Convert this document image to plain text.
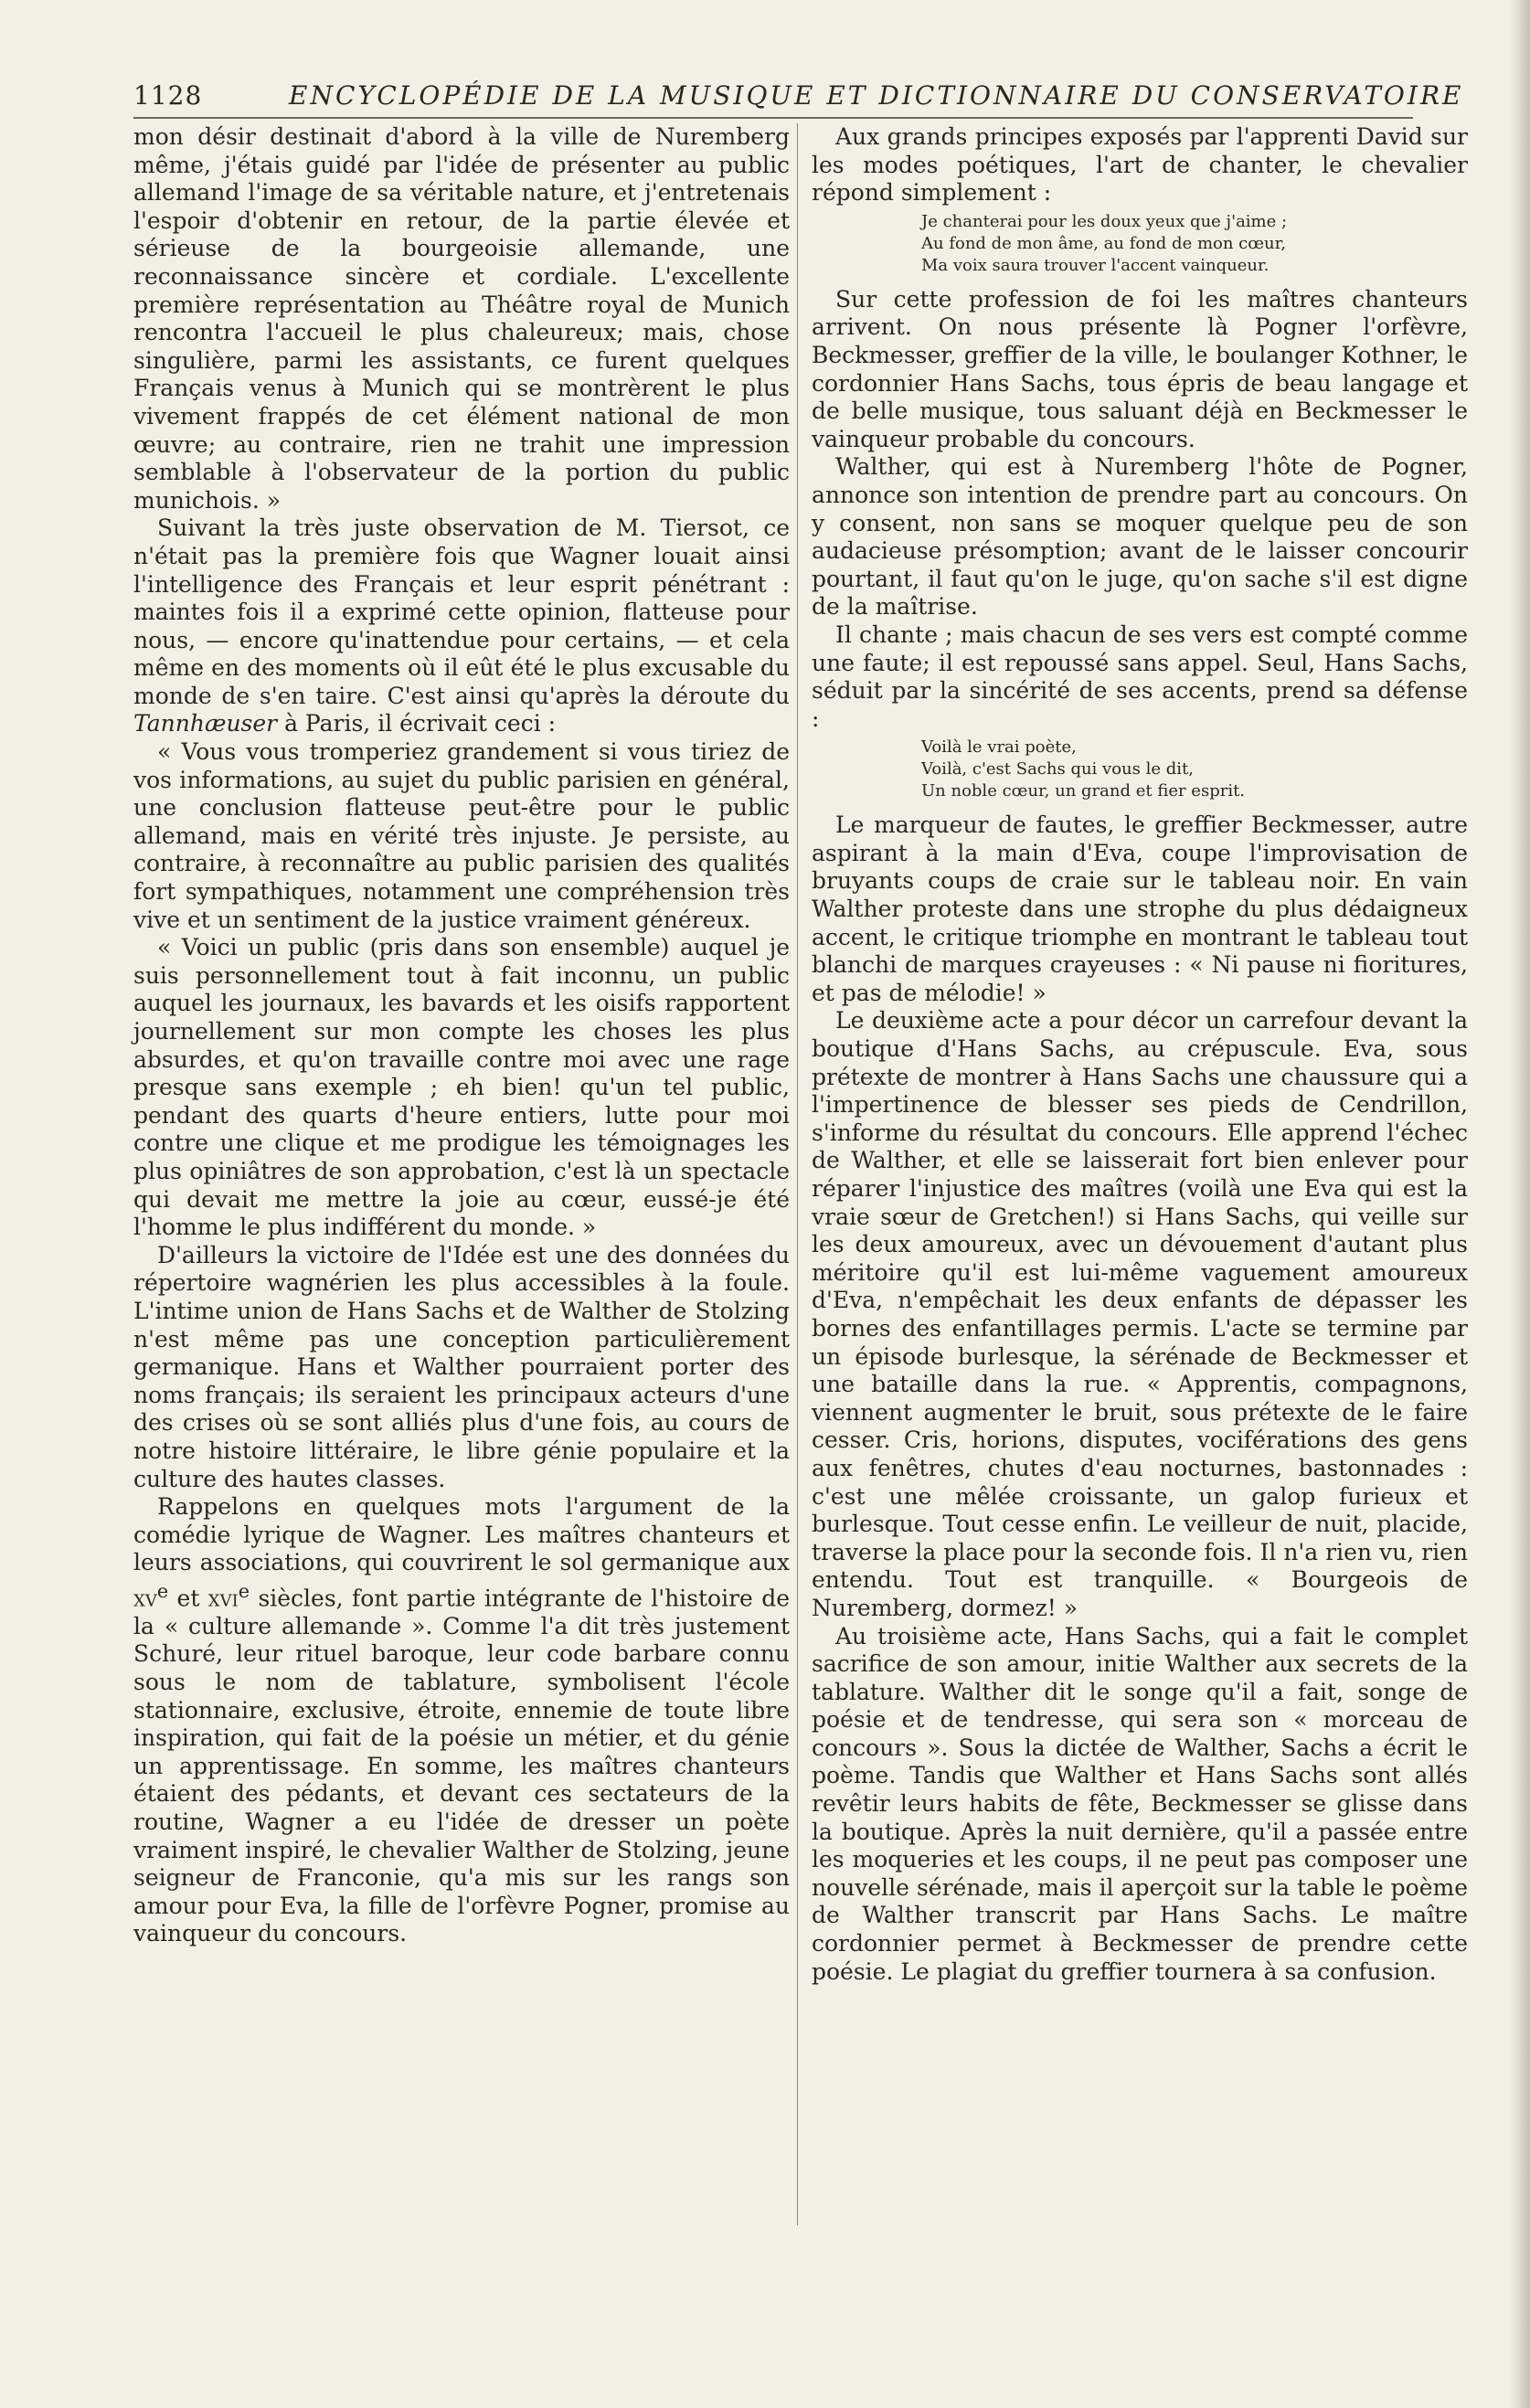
1128	ENCYCLOPÉDIE DE LA MUSIQUE ET DICTIONNAIRE DU CONSERVATOIRE

mon désir destinait d'abord à la ville de Nuremberg même, j'étais guidé par l'idée de présenter au public allemand l'image de sa véritable nature, et j'entretenais l'espoir d'obtenir en retour, de la partie élevée et sérieuse de la bourgeoisie allemande, une reconnaissance sincère et cordiale. L'excellente première représentation au Théâtre royal de Munich rencontra l'accueil le plus chaleureux; mais, chose singulière, parmi les assistants, ce furent quelques Français venus à Munich qui se montrèrent le plus vivement frappés de cet élément national de mon œuvre; au contraire, rien ne trahit une impression semblable à l'observateur de la portion du public munichois. »

Suivant la très juste observation de M. Tiersot, ce n'était pas la première fois que Wagner louait ainsi l'intelligence des Français et leur esprit pénétrant : maintes fois il a exprimé cette opinion, flatteuse pour nous, — encore qu'inattendue pour certains, — et cela même en des moments où il eût été le plus excusable du monde de s'en taire. C'est ainsi qu'après la déroute du Tannhæuser à Paris, il écrivait ceci :

« Vous vous tromperiez grandement si vous tiriez de vos informations, au sujet du public parisien en général, une conclusion flatteuse peut-être pour le public allemand, mais en vérité très injuste. Je persiste, au contraire, à reconnaître au public parisien des qualités fort sympathiques, notamment une compréhension très vive et un sentiment de la justice vraiment généreux.

« Voici un public (pris dans son ensemble) auquel je suis personnellement tout à fait inconnu, un public auquel les journaux, les bavards et les oisifs rapportent journellement sur mon compte les choses les plus absurdes, et qu'on travaille contre moi avec une rage presque sans exemple ; eh bien! qu'un tel public, pendant des quarts d'heure entiers, lutte pour moi contre une clique et me prodigue les témoignages les plus opiniâtres de son approbation, c'est là un spectacle qui devait me mettre la joie au cœur, eussé-je été l'homme le plus indifférent du monde. »

D'ailleurs la victoire de l'Idée est une des données du répertoire wagnérien les plus accessibles à la foule. L'intime union de Hans Sachs et de Walther de Stolzing n'est même pas une conception particulièrement germanique. Hans et Walther pourraient porter des noms français; ils seraient les principaux acteurs d'une des crises où se sont alliés plus d'une fois, au cours de notre histoire littéraire, le libre génie populaire et la culture des hautes classes.

Rappelons en quelques mots l'argument de la comédie lyrique de Wagner. Les maîtres chanteurs et leurs associations, qui couvrirent le sol germanique aux $xv^e$ et xvi$^e$ siècles, font partie intégrante de l'histoire de la « culture allemande ». Comme l'a dit très justement Schuré, leur rituel baroque, leur code barbare connu sous le nom de tablature, symbolisent l'école stationnaire, exclusive, étroite, ennemie de toute libre inspiration, qui fait de la poésie un métier, et du génie un apprentissage. En somme, les maîtres chanteurs étaient des pédants, et devant ces sectateurs de la routine, Wagner a eu l'idée de dresser un poète vraiment inspiré, le chevalier Walther de Stolzing, jeune seigneur de Franconie, qu'a mis sur les rangs son amour pour Eva, la fille de l'orfèvre Pogner, promise au vainqueur du concours.

Aux grands principes exposés par l'apprenti David sur les modes poétiques, l'art de chanter, le chevalier répond simplement :

Je chanterai pour les doux yeux que j'aime ;
Au fond de mon âme, au fond de mon cœur,
Ma voix saura trouver l'accent vainqueur.

Sur cette profession de foi les maîtres chanteurs arrivent. On nous présente là Pogner l'orfèvre, Beckmesser, greffier de la ville, le boulanger Kothner, le cordonnier Hans Sachs, tous épris de beau langage et de belle musique, tous saluant déjà en Beckmesser le vainqueur probable du concours.

Walther, qui est à Nuremberg l'hôte de Pogner, annonce son intention de prendre part au concours. On y consent, non sans se moquer quelque peu de son audacieuse présomption; avant de le laisser concourir pourtant, il faut qu'on le juge, qu'on sache s'il est digne de la maîtrise.

Il chante ; mais chacun de ses vers est compté comme une faute; il est repoussé sans appel. Seul, Hans Sachs, séduit par la sincérité de ses accents, prend sa défense :

Voilà le vrai poète,
Voilà, c'est Sachs qui vous le dit,
Un noble cœur, un grand et fier esprit.

Le marqueur de fautes, le greffier Beckmesser, autre aspirant à la main d'Eva, coupe l'improvisation de bruyants coups de craie sur le tableau noir. En vain Walther proteste dans une strophe du plus dédaigneux accent, le critique triomphe en montrant le tableau tout blanchi de marques crayeuses : « Ni pause ni fioritures, et pas de mélodie! »

Le deuxième acte a pour décor un carrefour devant la boutique d'Hans Sachs, au crépuscule. Eva, sous prétexte de montrer à Hans Sachs une chaussure qui a l'impertinence de blesser ses pieds de Cendrillon, s'informe du résultat du concours. Elle apprend l'échec de Walther, et elle se laisserait fort bien enlever pour réparer l'injustice des maîtres (voilà une Eva qui est la vraie sœur de Gretchen!) si Hans Sachs, qui veille sur les deux amoureux, avec un dévouement d'autant plus méritoire qu'il est lui-même vaguement amoureux d'Eva, n'empêchait les deux enfants de dépasser les bornes des enfantillages permis. L'acte se termine par un épisode burlesque, la sérénade de Beckmesser et une bataille dans la rue. « Apprentis, compagnons, viennent augmenter le bruit, sous prétexte de le faire cesser. Cris, horions, disputes, vociférations des gens aux fenêtres, chutes d'eau nocturnes, bastonnades : c'est une mêlée croissante, un galop furieux et burlesque. Tout cesse enfin. Le veilleur de nuit, placide, traverse la place pour la seconde fois. Il n'a rien vu, rien entendu. Tout est tranquille. « Bourgeois de Nuremberg, dormez! »

Au troisième acte, Hans Sachs, qui a fait le complet sacrifice de son amour, initie Walther aux secrets de la tablature. Walther dit le songe qu'il a fait, songe de poésie et de tendresse, qui sera son « morceau de concours ». Sous la dictée de Walther, Sachs a écrit le poème. Tandis que Walther et Hans Sachs sont allés revêtir leurs habits de fête, Beckmesser se glisse dans la boutique. Après la nuit dernière, qu'il a passée entre les moqueries et les coups, il ne peut pas composer une nouvelle sérénade, mais il aperçoit sur la table le poème de Walther transcrit par Hans Sachs. Le maître cordonnier permet à Beckmesser de prendre cette poésie. Le plagiat du greffier tournera à sa confusion.
